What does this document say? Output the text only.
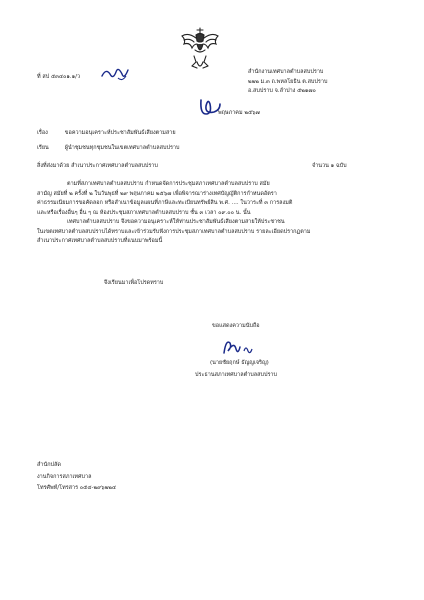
ที่ สป ๕๓๔๐๑.๑/ว
สำนักงานเทศบาลตำบลสบปราบ
๒๒๒ ม.๓ ถ.พหลโยธิน ต.สบปราบ
อ.สบปราบ จ.ลำปาง ๕๒๑๗๐
พฤษภาคม ๒๕๖๗
เรื่อง	ขอความอนุเคราะห์ประชาสัมพันธ์เสียงตามสาย
เรียน	ผู้นำชุมชนทุกชุมชนในเขตเทศบาลตำบลสบปราบ
สิ่งที่ส่งมาด้วย สำเนาประกาศเทศบาลตำบลสบปราบ	จำนวน ๑ ฉบับ
ตามที่สภาเทศบาลตำบลสบปราบ กำหนดจัดการประชุมสภาเทศบาลตำบลสบปราบ สมัย
สามัญ สมัยที่ ๒ ครั้งที่ ๒ ในวันพุธที่ ๒๙ พฤษภาคม ๒๕๖๗ เพื่อพิจารณาร่างเทศบัญญัติการกำหนดอัตรา
ค่าธรรมเนียมการขอคัดลอก หรือสำเนาข้อมูลแผนที่ภาษีและทะเบียนทรัพย์สิน พ.ศ. .... ในวาระที่ ๓ การลงมติ
และหรือเรื่องอื่นๆ อื่น ๆ ณ ห้องประชุมสภาเทศบาลตำบลสบปราบ ชั้น ๓ เวลา ๐๙.๐๐ น. นั้น
เทศบาลตำบลสบปราบ จึงขอความอนุเคราะห์ให้ท่านประชาสัมพันธ์เสียงตามสายให้ประชาชน
ในเขตเทศบาลตำบลสบปราบได้ทราบและเข้าร่วมรับฟังการประชุมสภาเทศบาลตำบลสบปราบ รายละเอียดปรากฏตาม
สำเนาประกาศเทศบาลตำบลสบปราบที่แนบมาพร้อมนี้
จึงเรียนมาเพื่อโปรดทราบ
ขอแสดงความนับถือ
(นายชัยฤกษ์ ธัญญเจริญ)
ประธานสภาเทศบาลตำบลสบปราบ
สำนักปลัด
งานกิจการสภาเทศบาล
โทรศัพท์/โทรสาร ๐๕๔-๒๙๖๒๒๔
